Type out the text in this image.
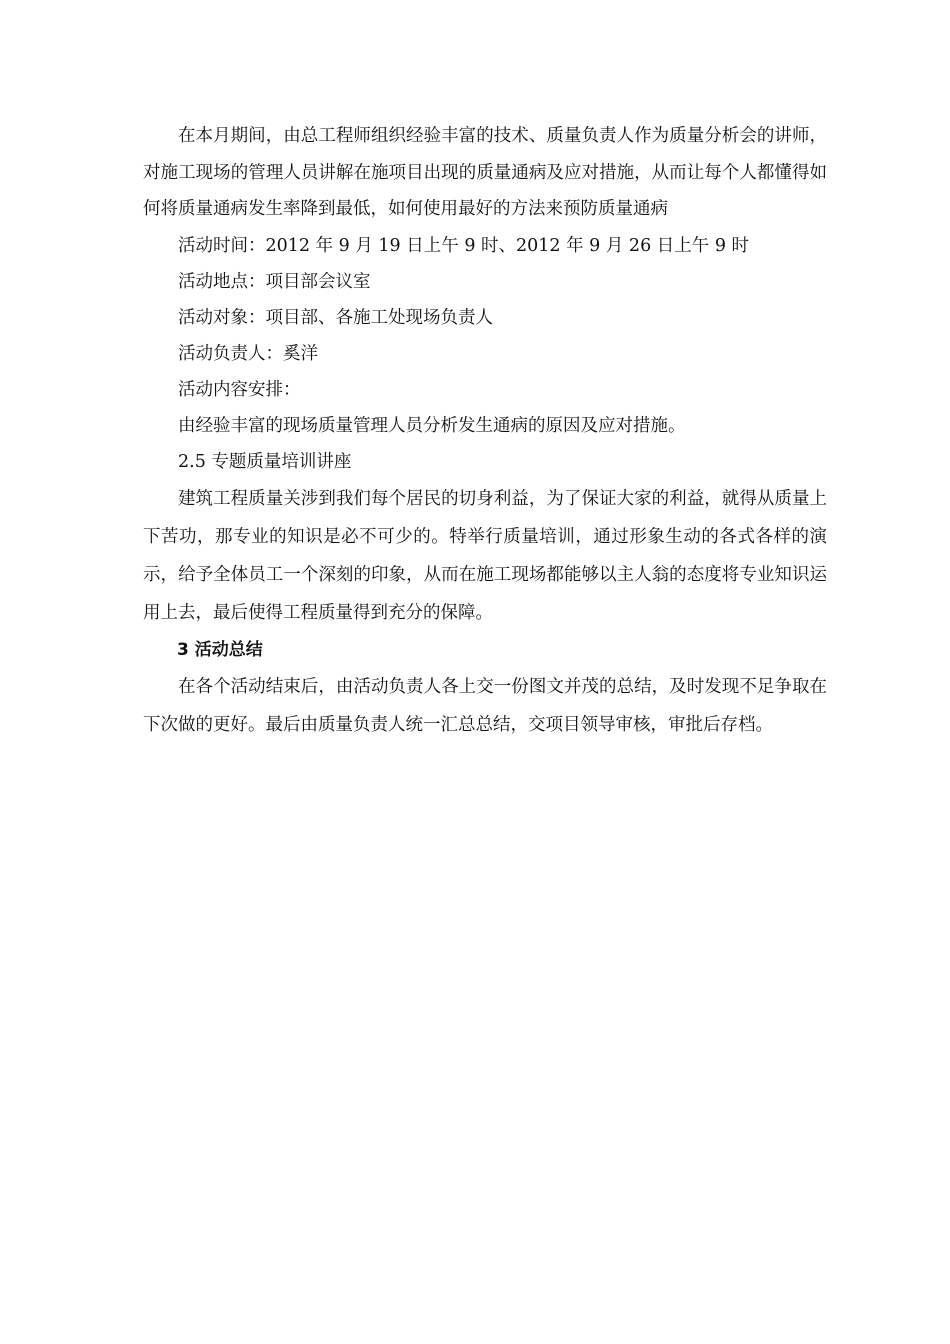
在本月期间，由总工程师组织经验丰富的技术、质量负责人作为质量分析会的讲师，对施工现场的管理人员讲解在施项目出现的质量通病及应对措施，从而让每个人都懂得如何将质量通病发生率降到最低，如何使用最好的方法来预防质量通病

活动时间：2012 年 9 月 19 日上午 9 时、2012 年 9 月 26 日上午 9 时

活动地点：项目部会议室

活动对象：项目部、各施工处现场负责人

活动负责人：奚洋

活动内容安排：

由经验丰富的现场质量管理人员分析发生通病的原因及应对措施。

2.5 专题质量培训讲座

建筑工程质量关涉到我们每个居民的切身利益，为了保证大家的利益，就得从质量上下苦功，那专业的知识是必不可少的。特举行质量培训，通过形象生动的各式各样的演示，给予全体员工一个深刻的印象，从而在施工现场都能够以主人翁的态度将专业知识运用上去，最后使得工程质量得到充分的保障。

3 活动总结

在各个活动结束后，由活动负责人各上交一份图文并茂的总结，及时发现不足争取在下次做的更好。最后由质量负责人统一汇总总结，交项目领导审核，审批后存档。
